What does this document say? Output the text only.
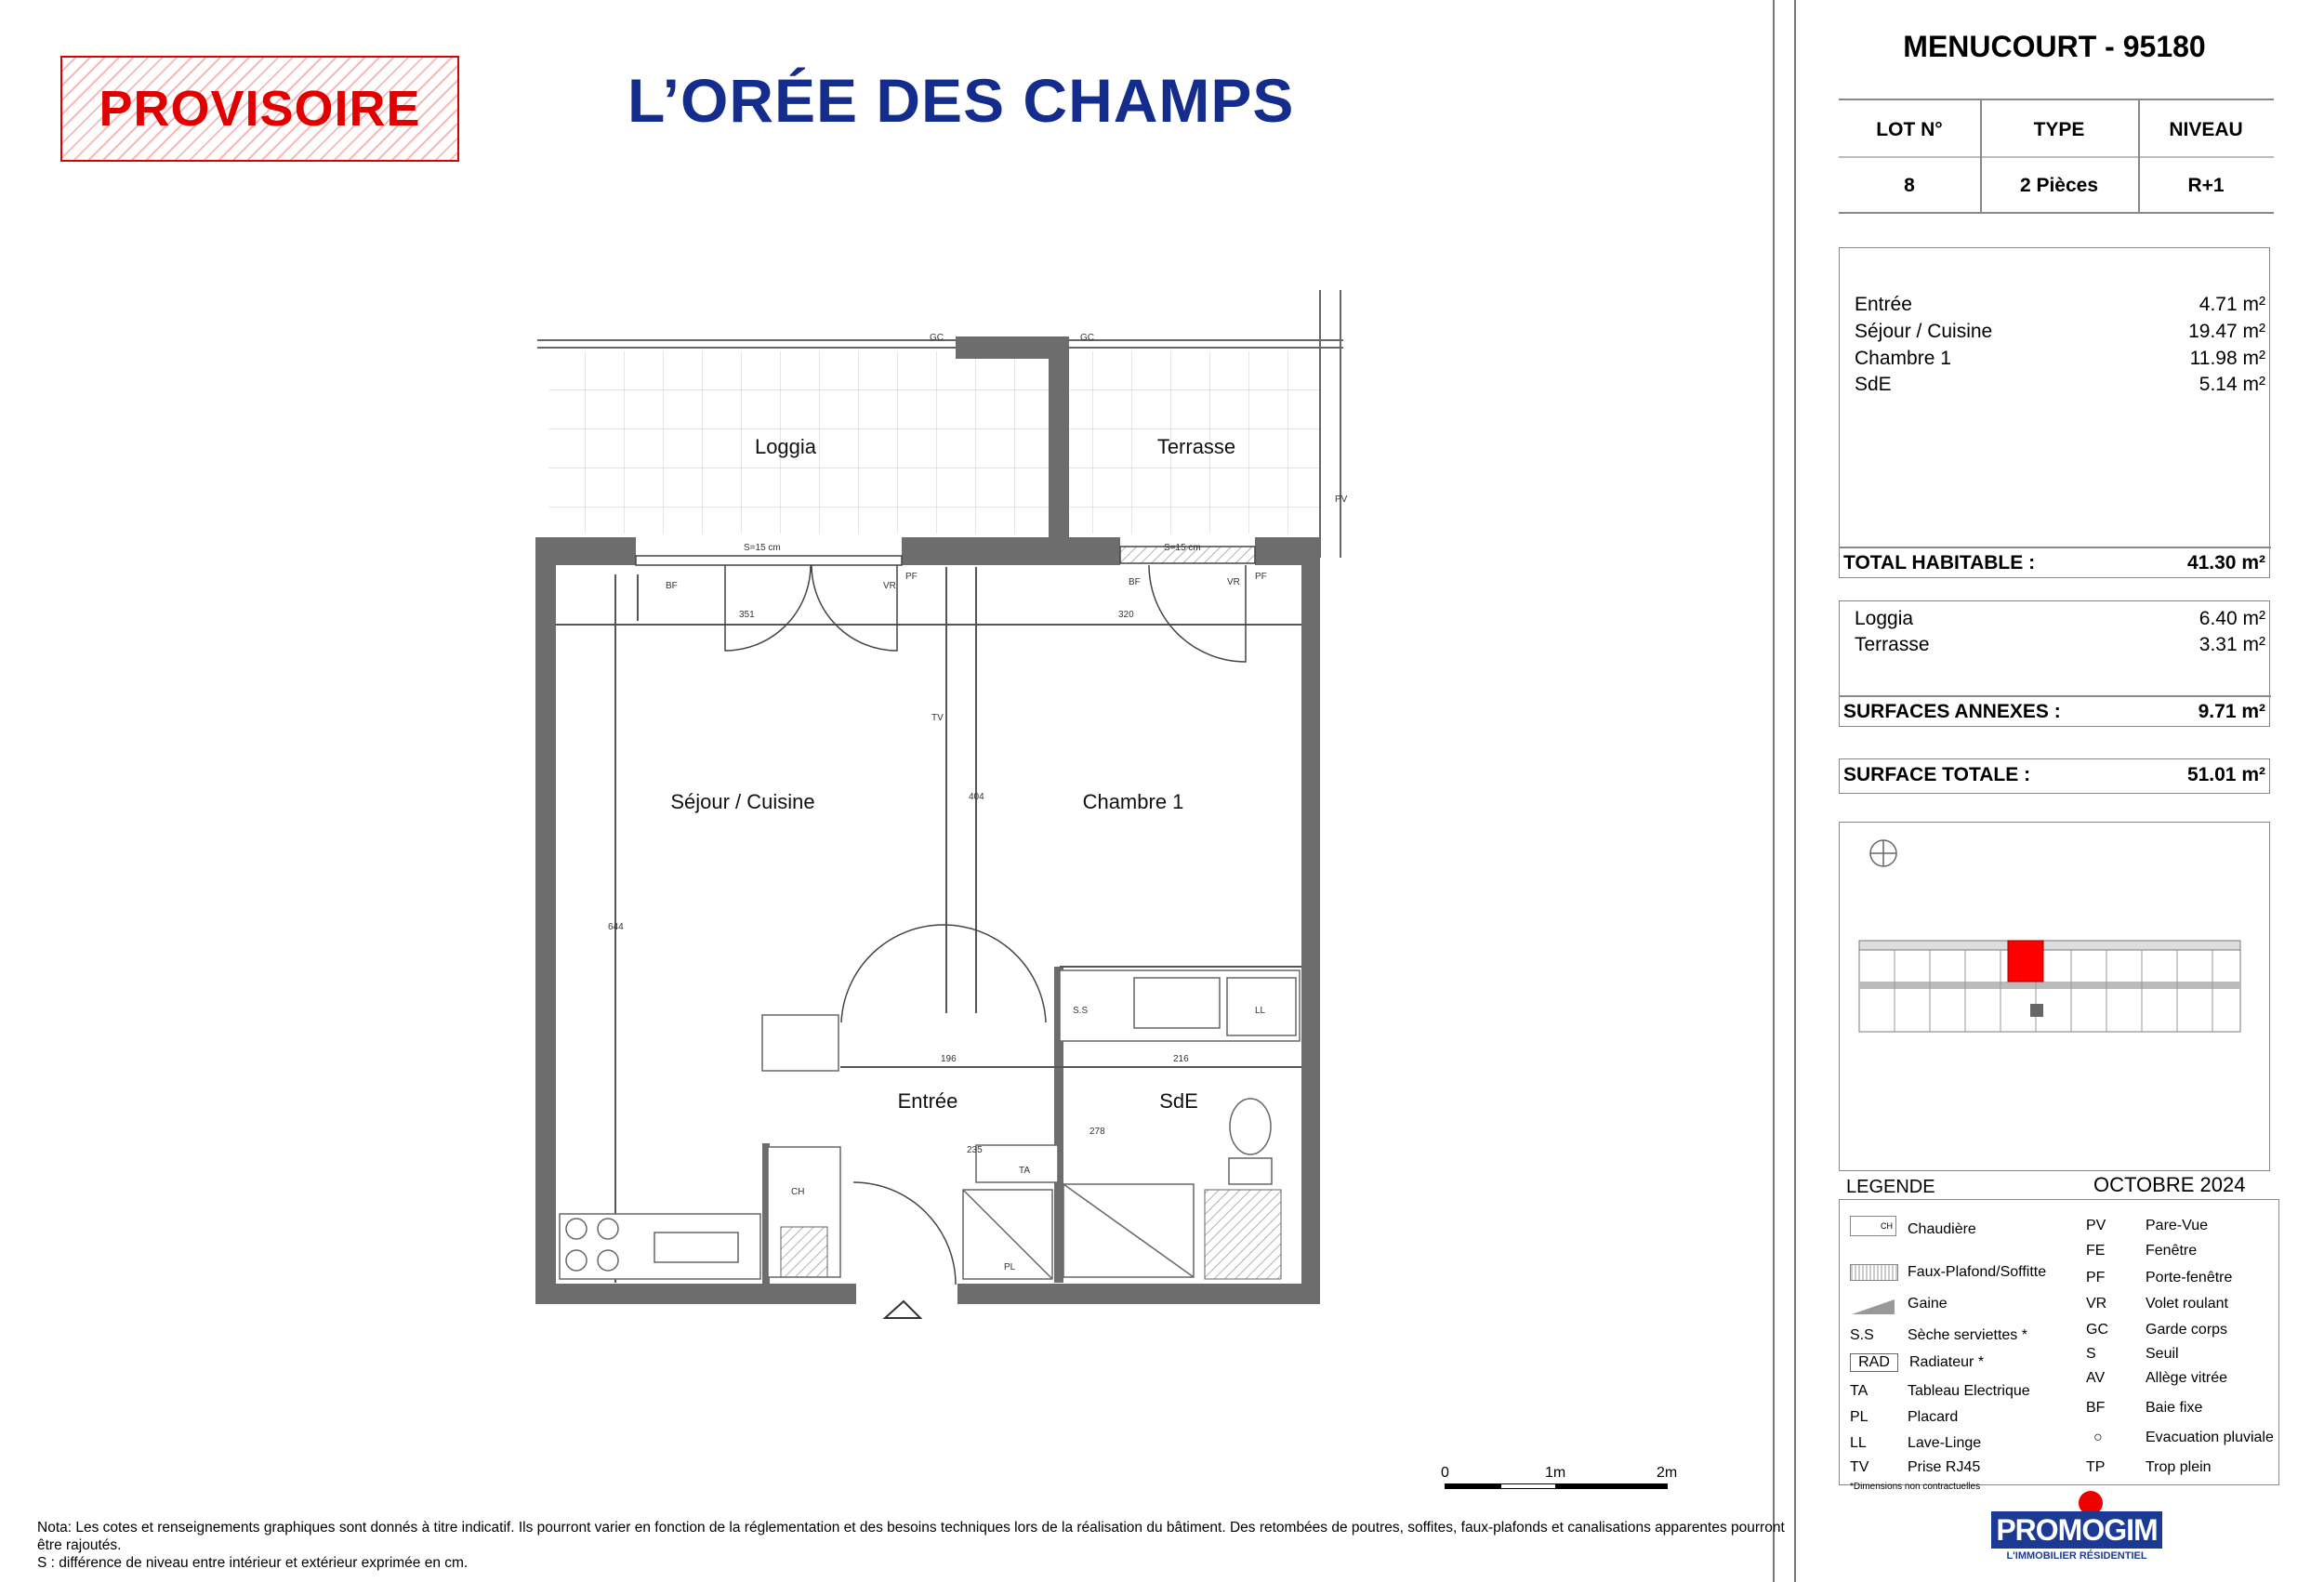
PROVISOIRE	L’ORÉE DES CHAMPS
Loggia	Terrasse
Séjour / Cuisine	Chambre 1
Entrée	SdE
GC	GC
S=15 cm	S=15 cm
BF	VR
PF
BF	VR
PF
PV
TV
S.S	LL
TA
PL
CH
351	320
404
644
196	216
235
278
0	1m	2m
Nota: Les cotes et renseignements graphiques sont donnés à titre indicatif. Ils pourront varier en fonction de la réglementation et des besoins techniques lors de la réalisation du bâtiment. Des retombées de poutres, soffites, faux-plafonds et canalisations apparentes pourront être rajoutés.
S : différence de niveau entre intérieur et extérieur exprimée en cm.
MENUCOURT - 95180
LOT N°	TYPE	NIVEAU
8	2 Pièces	R+1
Entrée	4.71 m²
Séjour / Cuisine	19.47 m²
Chambre 1	11.98 m²
SdE	5.14 m²
TOTAL HABITABLE :	41.30 m²
Loggia	6.40 m²
Terrasse	3.31 m²
SURFACES ANNEXES :	9.71 m²
SURFACE TOTALE :	51.01 m²
LEGENDE	OCTOBRE 2024
CH Chaudière
Faux-Plafond/Soffitte
Gaine
S.S Sèche serviettes *
RAD Radiateur *
TA	Tableau Electrique
PL	Placard
LL	Lave-Linge
TV	Prise RJ45
PV	Pare-Vue
FE	Fenêtre
PF	Porte-fenêtre
VR	Volet roulant
GC	Garde corps
S	Seuil
AV	Allège vitrée
BF	Baie fixe
○	Evacuation pluviale
TP	Trop plein
*Dimensions non contractuelles
PROMOGIM
L'IMMOBILIER RÉSIDENTIEL
